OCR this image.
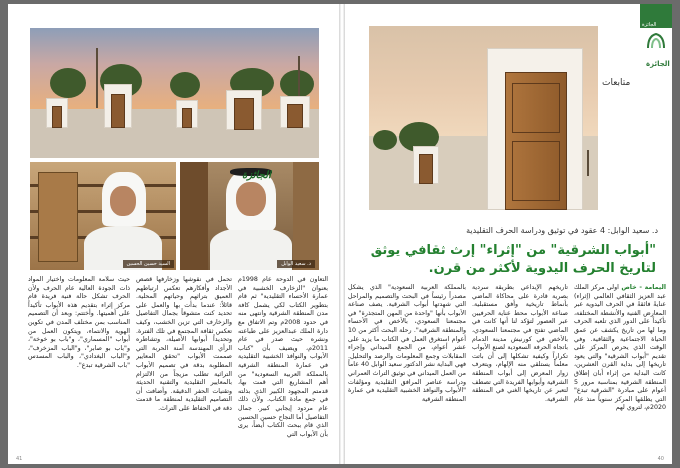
السيد حسين الحسين	د. سعيد الوابل
التعاون في الدوحة عام 1998م بعنوان "الزخارف الخشبية في عمارة الأحساء التقليدية" ثم قام بتطوير الكتاب لكي يشمل كافة مدن المنطقة الشرقية وانتهى منه في حدود 2008م وتم الاتفاق مع دارة الملك عبدالعزيز على طباعته ونشره حيث صدر في عام 2011م، ويضيف بأن "كتاب الأبواب والنوافذ الخشبية التقليدية في عمارة المنطقة الشرقية بالمملكة العربية السعودية" من أهم المشاريع التي قمت بها، قدمتم المجهود الكبير الذي بذلته في جمع مادة الكتاب. ولأن ذلك عام مردود إيجابي كبير. جمال التفاصيل أما النجاح حسين الحسين الذي قام ببحث الكتاب أيضاً، يرى بأن الأبواب التي
تحمل في نقوشها وزخارفها قصص الأجداد وأفكارهم تعكس ارتباطهم العميق بتراثهم وحياتهم المحلية. قائلاً: عندما بدأت بها والعمل على تحديد كنت متشوقاً بجمال التفاصيل والزخارف التي تزين الخشب، وكيف تعكس ثقافة المجتمع في تلك الفترة. وتحديداً أبوابها الأصيلة، وتشاطره الرأي المهندسة آمنة الحربة التي صممت الأبواب "تحقق المعايير المطلوبة بدقة في تصميم الأبواب التراثية تطلب مزيجاً من الالتزام بالمعايير التقليدية والتقنية الحديثة وتقنيات الحفر الدقيقة. وأضافت أن التصاميم التقليدية لمنطقة ما قدمت دقة في الحفاظ على التراث.
حيث سلامة المعلومات واختيار المواد ذات الجودة العالية عام الحرف ولأن الحرف تشكل حالة فنية فريدة قام مركز إثراء بتقديم هذه الأبواب تأكيداً على أهميتها. وأختتم: وبعد أن التصميم المناسب بمن مختلف المدن في تكوين الهوية والانتماء، ويتكون العمل من أبواب "المسماري"، و"باب بو خوخة"، و"باب بو صابر"، و"الباب المزخرف"، و"الباب البغدادي"، والباب المسدس "باب الشرقية تبدع".
41
الجائزة
الجائزة
متابعات
الجائزة
د. سعيد الوابل: 4 عقود في توثيق ودراسة الحرف التقليدية
"أبواب الشرقية" من "إثراء" إرث ثقافي يوثق لتاريخ الحرف اليدوية لأكثر من قرن.
اليمامة - خاص أولى مركز الملك عبد العزيز الثقافي العالمي (إثراء) عنايةً فائقةً في الحرف اليدوية عبر المعارض الفنية والأنشطة المختلفة، تأكيداً على الدور الذي تلعبه الحرف وما لها من تاريخ يكشف عن عمق الحياة الاجتماعية والثقافية. وفي الوقت الذي يحرص المركز على تقديم "أبواب الشرقية" والتي يعود تاريخها إلى بداية القرن العشرين، كانت البداية من إثراء أبان إطلاق المنطقة الشرقية بمناسبة مرور 5 أعوام على مبادرة "الشرقية تبدع" التي يطلقها المركز سنوياً منذ عام 2020م، لتروي لهم
تاريخهم الإبداعي بطريقة سردية بصرية قادرة على محاكاة الماضي بأنماط تاريخية وأفق مستقبلية. صناعة الأبواب محط عناية الحرفيين عبر العصور لتؤكد لنا أنها كانت في الماضي تفتح في مجتمعنا السعودي، بالأخص في كورنيش مدينة الدمام باتجاه الحرفة السعودية لصنع الأبواب تكراراً وكيفية تشكلها إلى أن باتت معلماً يستلقي منه الإلهام، ويتعرف زوار المعرض إلى أبواب المنطقة الشرقية وأبوابها الفريدة التي تصطف لتعبر عن تاريخها الغني في المنطقة الشرقية.
بالمملكة العربية السعودية" الذي يشكل مصدراً رئيساً في البحث والتصميم والمراحل التي شهدتها أبواب الشرقية. يصف صناعة الأبواب بأنها "واحدة من المهن المتجذرة" في مجتمعنا السعودي، بالأخص في الأحساء والمنطقة الشرقية". رحلة البحث أكثر من 10 أعوام استغرق العمل في الكتاب ما يزيد على عشر أعوام، من الجمع الميداني وإجراء المقابلات وجمع المعلومات والرصد والتحليل. فهي البداية نشر الدكتور سعيد الوابل 40 عاماً من العمل الميداني في توثيق التراث العمراني ودراسة عناصر المرافق التقليدية ومؤلفات "الأبواب والنوافذ الخشبية التقليدية في عمارة المنطقة الشرقية
40
